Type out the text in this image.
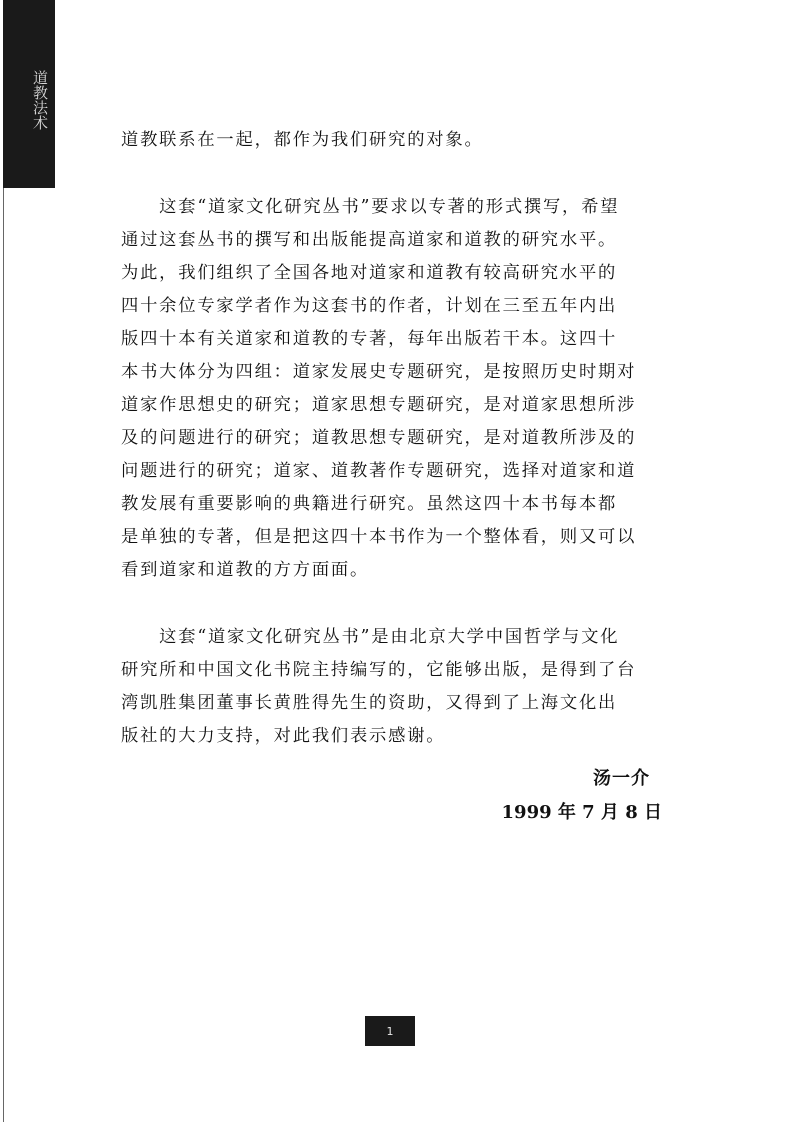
道教法术
道教联系在一起，都作为我们研究的对象。
　　这套“道家文化研究丛书”要求以专著的形式撰写，希望
通过这套丛书的撰写和出版能提高道家和道教的研究水平。
为此，我们组织了全国各地对道家和道教有较高研究水平的
四十余位专家学者作为这套书的作者，计划在三至五年内出
版四十本有关道家和道教的专著，每年出版若干本。这四十
本书大体分为四组：道家发展史专题研究，是按照历史时期对
道家作思想史的研究；道家思想专题研究，是对道家思想所涉
及的问题进行的研究；道教思想专题研究，是对道教所涉及的
问题进行的研究；道家、道教著作专题研究，选择对道家和道
教发展有重要影响的典籍进行研究。虽然这四十本书每本都
是单独的专著，但是把这四十本书作为一个整体看，则又可以
看到道家和道教的方方面面。
　　这套“道家文化研究丛书”是由北京大学中国哲学与文化
研究所和中国文化书院主持编写的，它能够出版，是得到了台
湾凯胜集团董事长黄胜得先生的资助，又得到了上海文化出
版社的大力支持，对此我们表示感谢。
汤一介
1999 年 7 月 8 日
1
